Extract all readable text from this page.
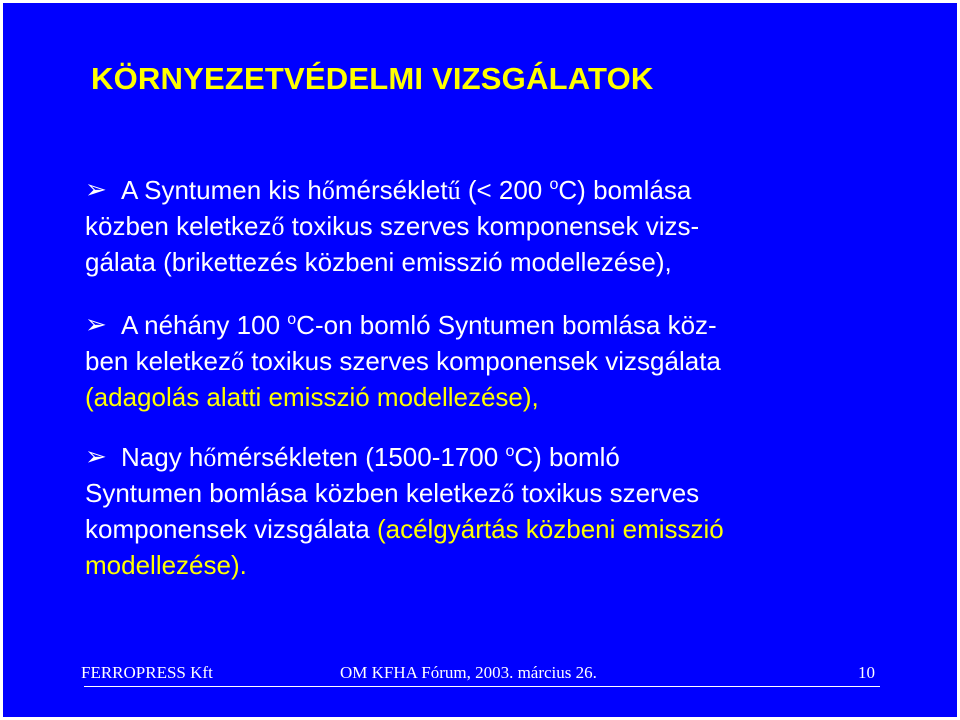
KÖRNYEZETVÉDELMI VIZSGÁLATOK
➢ A Syntumen kis hőmérsékletű (< 200 $^o$C) bomlása
közben keletkező toxikus szerves komponensek vizs-
gálata (brikettezés közbeni emisszió modellezése),
➢ A néhány 100 $^o$C-on bomló Syntumen bomlása köz-
ben keletkező toxikus szerves komponensek vizsgálata
(adagolás alatti emisszió modellezése),
➢ Nagy hőmérsékleten (1500-1700 $^o$C) bomló
Syntumen bomlása közben keletkező toxikus szerves
komponensek vizsgálata (acélgyártás közbeni emisszió
modellezése).
FERROPRESS Kft	OM KFHA Fórum, 2003. március 26.	10
